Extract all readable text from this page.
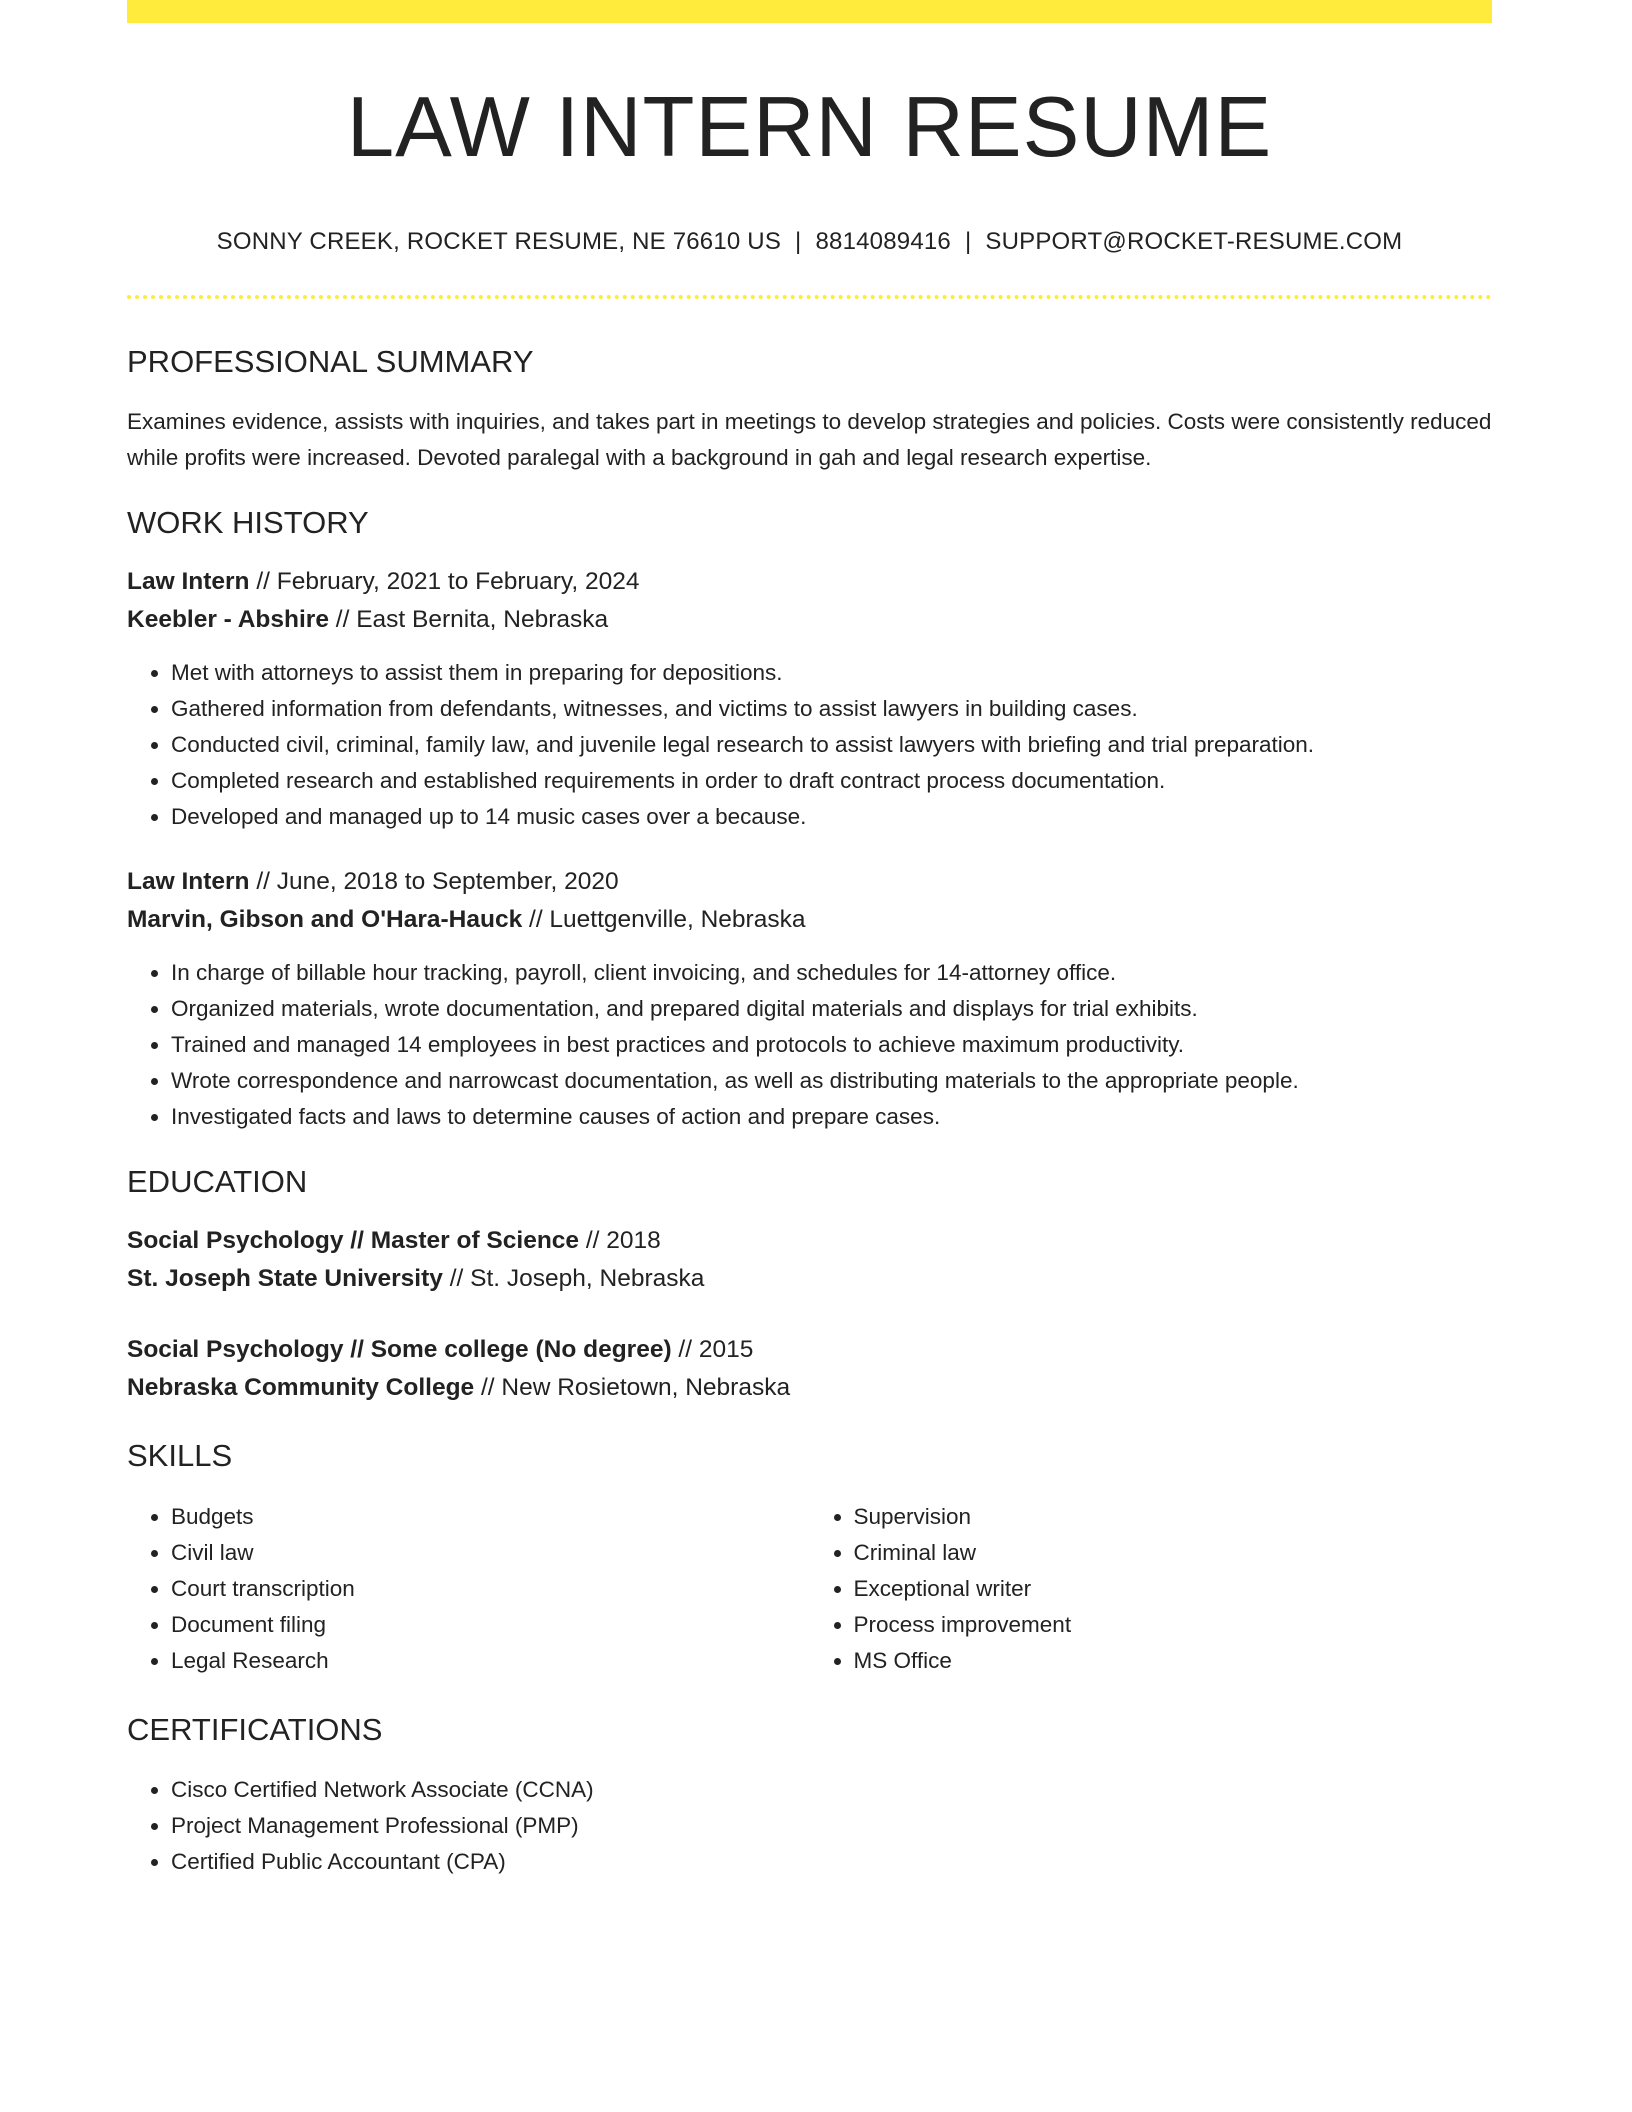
LAW INTERN RESUME
SONNY CREEK, ROCKET RESUME, NE 76610 US | 8814089416 | SUPPORT@ROCKET-RESUME.COM
PROFESSIONAL SUMMARY
Examines evidence, assists with inquiries, and takes part in meetings to develop strategies and policies. Costs were consistently reduced while profits were increased. Devoted paralegal with a background in gah and legal research expertise.
WORK HISTORY
Law Intern // February, 2021 to February, 2024
Keebler - Abshire // East Bernita, Nebraska
• Met with attorneys to assist them in preparing for depositions.
• Gathered information from defendants, witnesses, and victims to assist lawyers in building cases.
• Conducted civil, criminal, family law, and juvenile legal research to assist lawyers with briefing and trial preparation.
• Completed research and established requirements in order to draft contract process documentation.
• Developed and managed up to 14 music cases over a because.
Law Intern // June, 2018 to September, 2020
Marvin, Gibson and O'Hara-Hauck // Luettgenville, Nebraska
• In charge of billable hour tracking, payroll, client invoicing, and schedules for 14-attorney office.
• Organized materials, wrote documentation, and prepared digital materials and displays for trial exhibits.
• Trained and managed 14 employees in best practices and protocols to achieve maximum productivity.
• Wrote correspondence and narrowcast documentation, as well as distributing materials to the appropriate people.
• Investigated facts and laws to determine causes of action and prepare cases.
EDUCATION
Social Psychology // Master of Science // 2018
St. Joseph State University // St. Joseph, Nebraska
Social Psychology // Some college (No degree) // 2015
Nebraska Community College // New Rosietown, Nebraska
SKILLS
• Budgets
• Civil law
• Court transcription
• Document filing
• Legal Research
• Supervision
• Criminal law
• Exceptional writer
• Process improvement
• MS Office
CERTIFICATIONS
• Cisco Certified Network Associate (CCNA)
• Project Management Professional (PMP)
• Certified Public Accountant (CPA)
